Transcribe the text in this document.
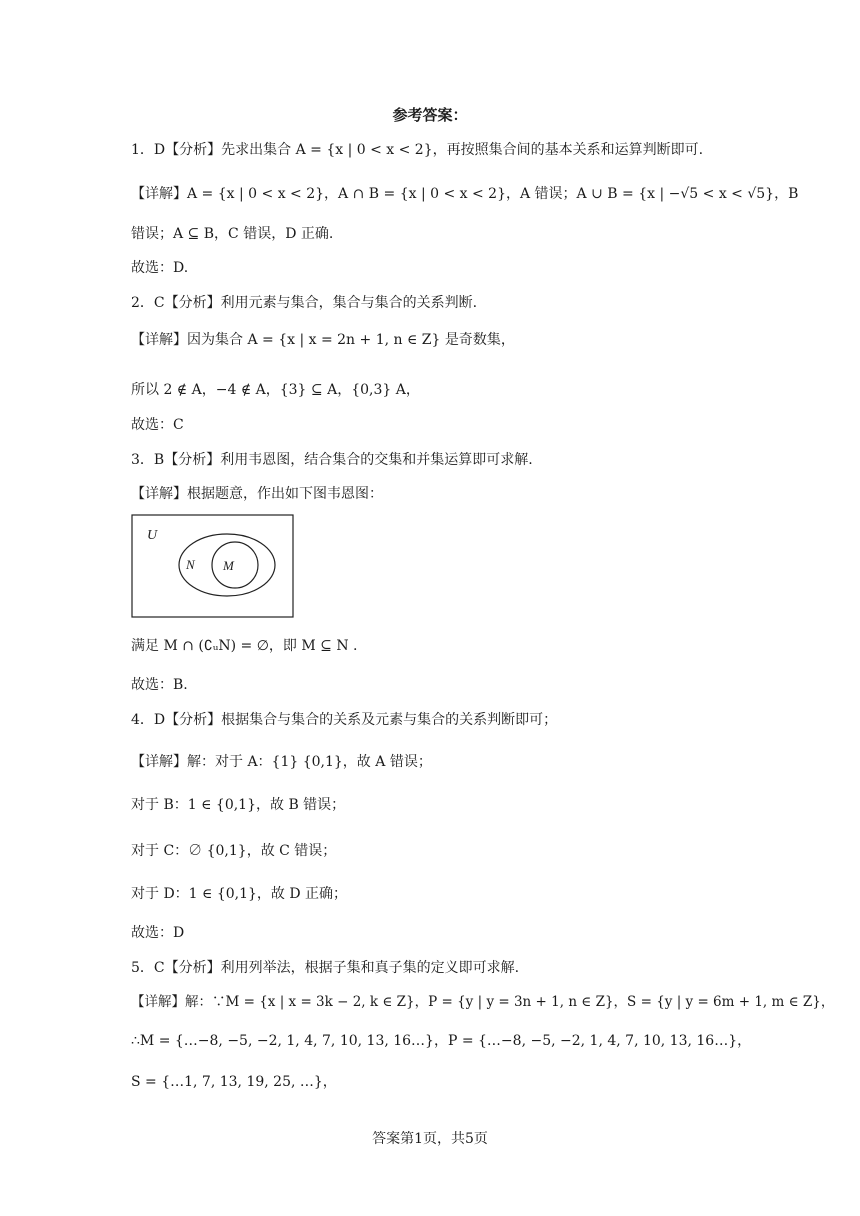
参考答案：
1．D【分析】先求出集合 A = {x | 0 < x < 2}，再按照集合间的基本关系和运算判断即可.
【详解】A = {x | 0 < x < 2}，A ∩ B = {x | 0 < x < 2}，A 错误；A ∪ B = {x | −√5 < x < √5}，B
错误；A ⊆ B，C 错误，D 正确.
故选：D.
2．C【分析】利用元素与集合，集合与集合的关系判断.
【详解】因为集合 A = {x | x = 2n + 1, n ∈ Z} 是奇数集，
所以 2 ∉ A，−4 ∉ A，{3} ⊆ A，{0,3} A，
故选：C
3．B【分析】利用韦恩图，结合集合的交集和并集运算即可求解.
【详解】根据题意，作出如下图韦恩图：
U
N M
满足 M ∩ (∁ᵤN) = ∅，即 M ⊆ N .
故选：B.
4．D【分析】根据集合与集合的关系及元素与集合的关系判断即可；
【详解】解：对于 A：{1} {0,1}，故 A 错误；
对于 B：1 ∈ {0,1}，故 B 错误；
对于 C：∅ {0,1}，故 C 错误；
对于 D：1 ∈ {0,1}，故 D 正确；
故选：D
5．C【分析】利用列举法，根据子集和真子集的定义即可求解.
【详解】解：∵M = {x | x = 3k − 2, k ∈ Z}，P = {y | y = 3n + 1, n ∈ Z}，S = {y | y = 6m + 1, m ∈ Z}，
∴M = {…−8, −5, −2, 1, 4, 7, 10, 13, 16…}，P = {…−8, −5, −2, 1, 4, 7, 10, 13, 16…}，
S = {…1, 7, 13, 19, 25, …}，
答案第1页，共5页
